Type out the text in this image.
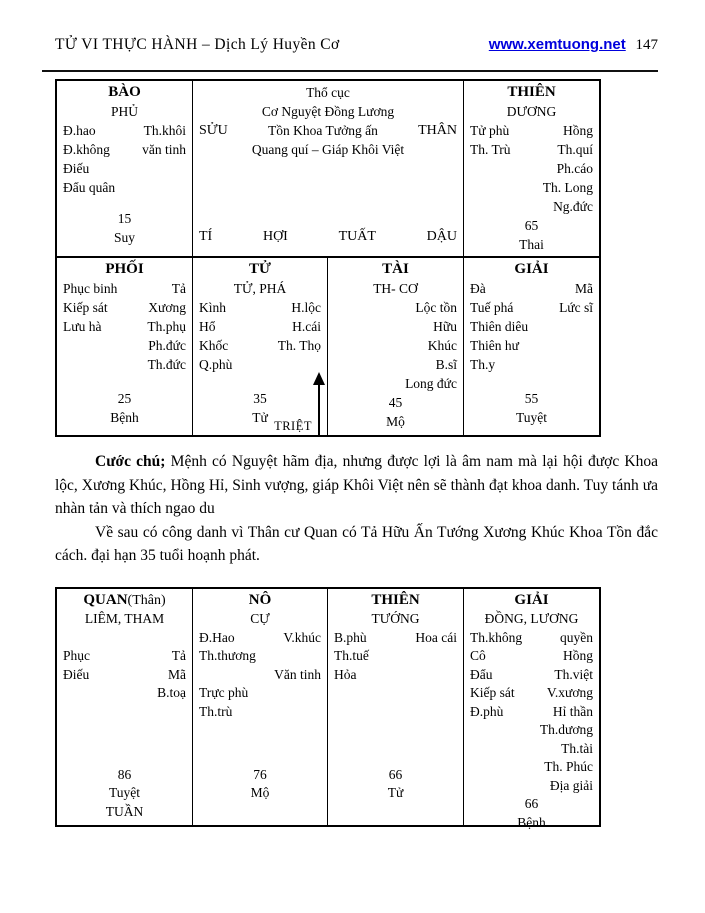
TỬ VI THỰC HÀNH – Dịch Lý Huyền Cơ	www.xemtuong.net 147
BÀO
PHỦ
Đ.hao	Th.khôi
Đ.không văn tinh
Điếu
Đẩu quân
15
Suy
Thổ cục
Cơ Nguyệt Đồng Lương
SỬU	Tồn Khoa Tưởng ấn	THÂN
Quang quí – Giáp Khôi Việt
TÍ	HỢI	TUẤT	DẬU
THIÊN
DƯƠNG
Tử phù	Hồng
Th. Trù	Th.quí
Ph.cáo
Th. Long
Ng.đức
65
Thai
PHỐI
Phục binh	Tả
Kiếp sát	Xương
Lưu hà	Th.phụ
Ph.đức
Th.đức
25
Bệnh
TRIỆT
TỬ
TỬ, PHÁ
Kình	H.lộc
Hổ	H.cái
Khốc	Th. Thọ
Q.phù
35
Tử
TÀI
TH- CƠ
Lộc tồn
Hữu
Khúc
B.sĩ
Long đức
45
Mộ
GIẢI
Đà	Mã
Tuế phá	Lức sĩ
Thiên diêu
Thiên hư
Th.y
55
Tuyệt

Cước chú; Mệnh có Nguyệt hãm địa, nhưng được lợi là âm nam mà lại hội được Khoa lộc, Xương Khúc, Hồng Hỉ, Sinh vượng, giáp Khôi Việt nên sẽ thành đạt khoa danh. Tuy tánh ưa nhàn tản và thích ngao du

Về sau có công danh vì Thân cư Quan có Tả Hữu Ấn Tướng Xương Khúc Khoa Tồn đắc cách. đại hạn 35 tuổi hoạnh phát.

QUAN(Thân)
LIÊM, THAM

Phục	Tả
Điếu	Mã
B.toạ
86
Tuyệt
TUẦN
NÔ
CỰ
Đ.Hao	V.khúc
Th.thương
Văn tinh
Trực phù
Th.trù
76
Mộ

THIÊN
TƯỚNG
B.phù	Hoa cái
Th.tuế
Hỏa
66
Tử

GIẢI
ĐỒNG, LƯƠNG
Th.không	quyền
Cô	Hồng
Đẩu	Th.việt
Kiếp sát V.xương
Đ.phù	Hỉ thần
Th.dương
Th.tài
Th. Phúc
Địa giải
66
Bệnh
